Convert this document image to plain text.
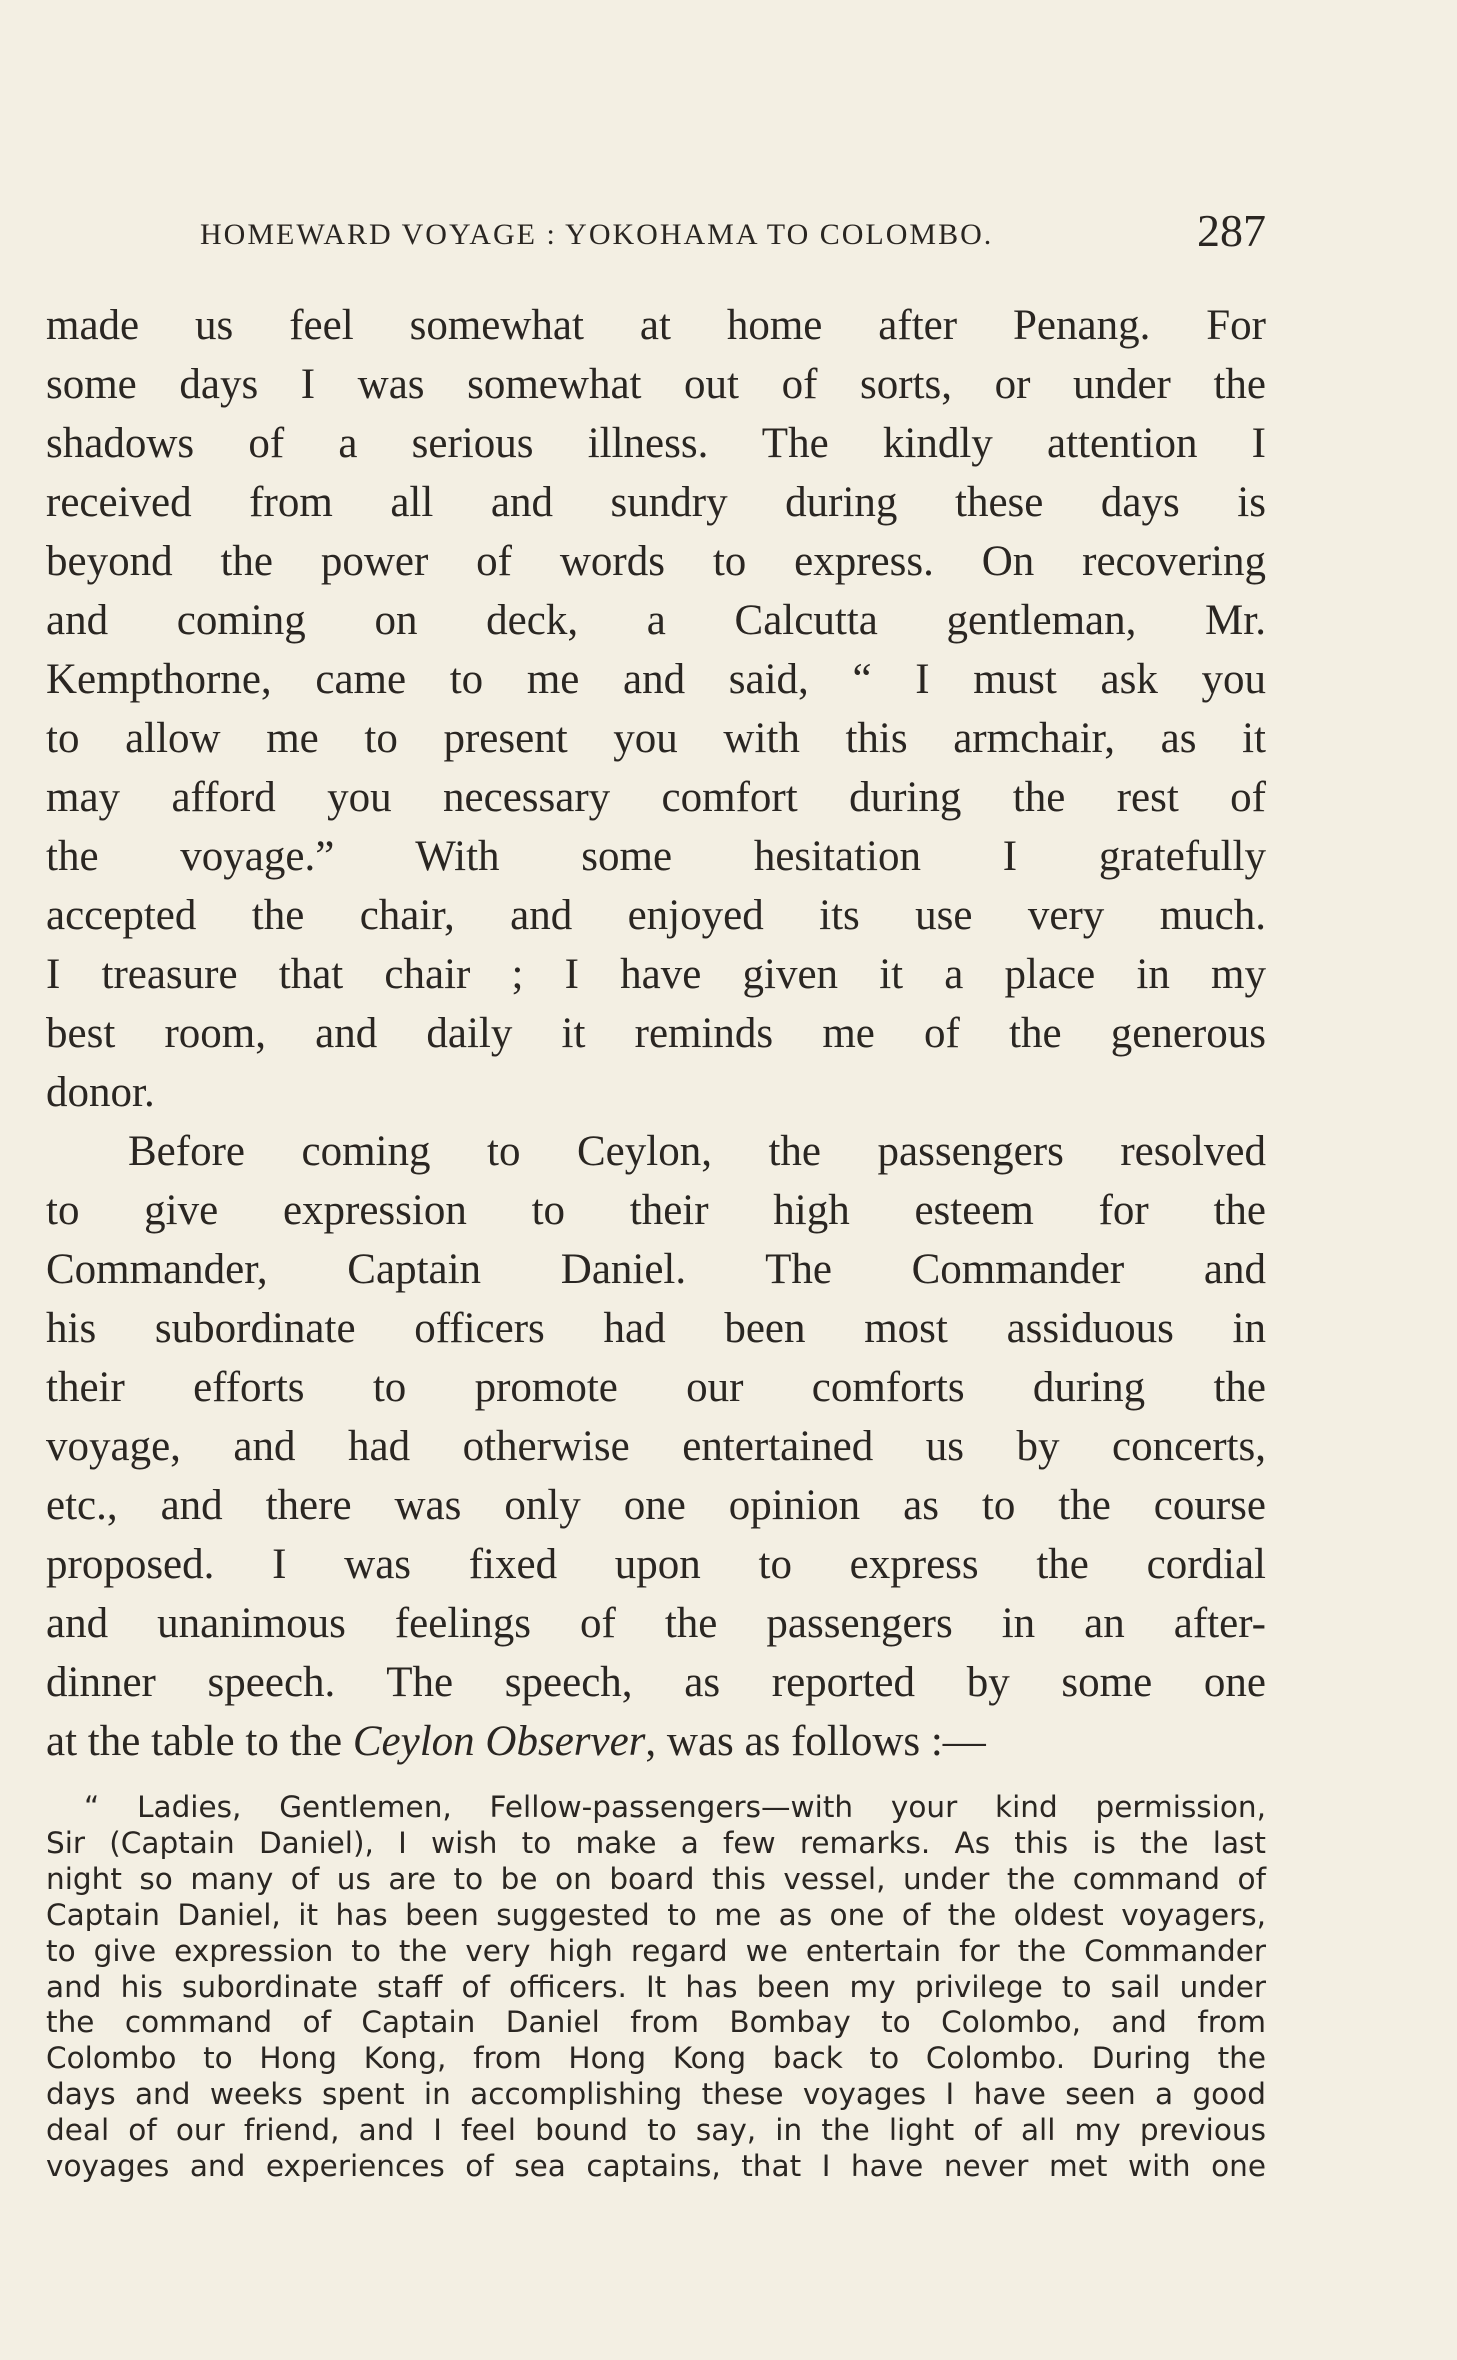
HOMEWARD VOYAGE : YOKOHAMA TO COLOMBO.	287

made us feel somewhat at home after Penang. For
some days I was somewhat out of sorts, or under the
shadows of a serious illness. The kindly attention I
received from all and sundry during these days is
beyond the power of words to express. On recovering
and coming on deck, a Calcutta gentleman, Mr.
Kempthorne, came to me and said, “ I must ask you
to allow me to present you with this armchair, as it
may afford you necessary comfort during the rest of
the voyage.” With some hesitation I gratefully
accepted the chair, and enjoyed its use very much.
I treasure that chair ; I have given it a place in my
best room, and daily it reminds me of the generous
donor.

Before coming to Ceylon, the passengers resolved
to give expression to their high esteem for the
Commander, Captain Daniel. The Commander and
his subordinate officers had been most assiduous in
their efforts to promote our comforts during the
voyage, and had otherwise entertained us by concerts,
etc., and there was only one opinion as to the course
proposed. I was fixed upon to express the cordial
and unanimous feelings of the passengers in an after-
dinner speech. The speech, as reported by some one
at the table to the Ceylon Observer, was as follows :—

“ Ladies, Gentlemen, Fellow-passengers—with your kind permission,
Sir (Captain Daniel), I wish to make a few remarks. As this is the last
night so many of us are to be on board this vessel, under the command of
Captain Daniel, it has been suggested to me as one of the oldest voyagers,
to give expression to the very high regard we entertain for the Commander
and his subordinate staff of officers. It has been my privilege to sail under
the command of Captain Daniel from Bombay to Colombo, and from
Colombo to Hong Kong, from Hong Kong back to Colombo. During the
days and weeks spent in accomplishing these voyages I have seen a good
deal of our friend, and I feel bound to say, in the light of all my previous
voyages and experiences of sea captains, that I have never met with one
